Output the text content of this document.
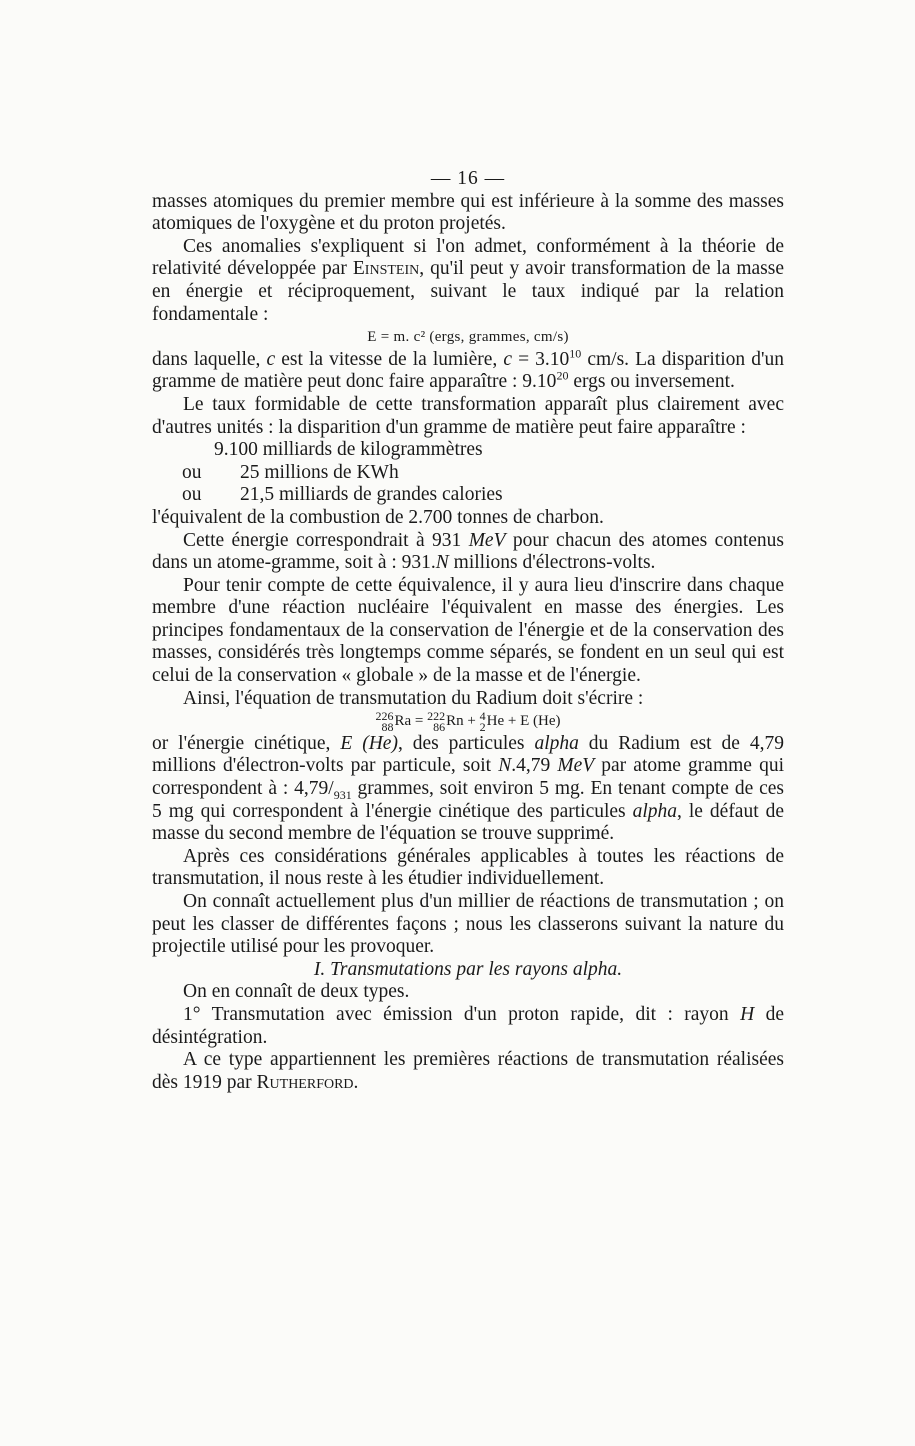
— 16 —

masses atomiques du premier membre qui est inférieure à la somme des masses atomiques de l'oxygène et du proton projetés.

Ces anomalies s'expliquent si l'on admet, conformément à la théorie de relativité développée par Einstein, qu'il peut y avoir transformation de la masse en énergie et réciproquement, suivant le taux indiqué par la relation fondamentale :

E = m. c² (ergs, grammes, cm/s)

dans laquelle, c est la vitesse de la lumière, $c = 3.10^{10}$ cm/s. La disparition d'un gramme de matière peut donc faire apparaître : 9.10$^{20}$ ergs ou inversement.

Le taux formidable de cette transformation apparaît plus clairement avec d'autres unités : la disparition d'un gramme de matière peut faire apparaître :

9.100 milliards de kilogrammètres

ou 25 millions de KWh

ou 21,5 milliards de grandes calories

l'équivalent de la combustion de 2.700 tonnes de charbon.

Cette énergie correspondrait à 931 MeV pour chacun des atomes contenus dans un atome-gramme, soit à : 931.N millions d'électrons-volts.

Pour tenir compte de cette équivalence, il y aura lieu d'inscrire dans chaque membre d'une réaction nucléaire l'équivalent en masse des énergies. Les principes fondamentaux de la conservation de l'énergie et de la conservation des masses, considérés très longtemps comme séparés, se fondent en un seul qui est celui de la conservation « globale » de la masse et de l'énergie.

Ainsi, l'équation de transmutation du Radium doit s'écrire :

226
88 Ra = 222
86 Rn + 4
2 He + E (He)

or l'énergie cinétique, E (He), des particules alpha du Radium est de 4,79 millions d'électron-volts par particule, soit N.4,79 MeV par atome gramme qui correspondent à : $4,79/_{931}$ grammes, soit environ 5 mg. En tenant compte de ces 5 mg qui correspondent à l'énergie cinétique des particules alpha, le défaut de masse du second membre de l'équation se trouve supprimé.

Après ces considérations générales applicables à toutes les réactions de transmutation, il nous reste à les étudier individuellement.

On connaît actuellement plus d'un millier de réactions de transmutation ; on peut les classer de différentes façons ; nous les classerons suivant la nature du projectile utilisé pour les provoquer.

I. Transmutations par les rayons alpha.

On en connaît de deux types.

1° Transmutation avec émission d'un proton rapide, dit : rayon H de désintégration.

A ce type appartiennent les premières réactions de transmutation réalisées dès 1919 par Rutherford.
